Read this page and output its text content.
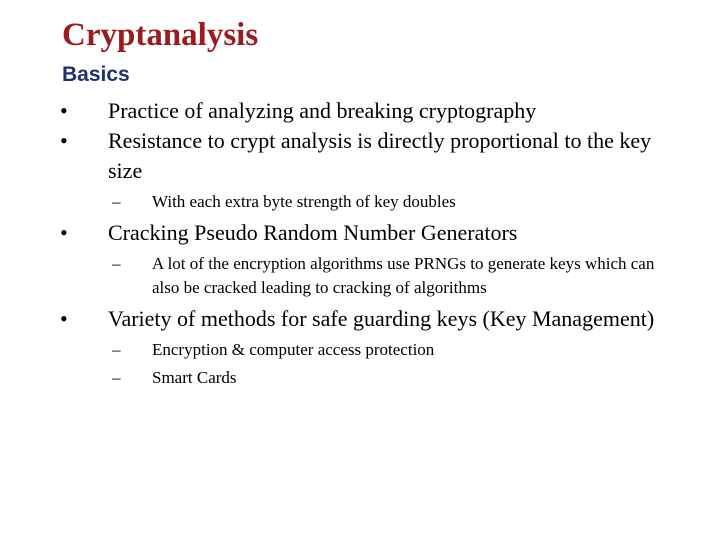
Cryptanalysis
Basics
•	Practice of analyzing and breaking cryptography
•	Resistance to crypt analysis is directly proportional to the key size
–	With each extra byte strength of key doubles
•	Cracking Pseudo Random Number Generators
–	A lot of the encryption algorithms use PRNGs to generate keys which can also be cracked leading to cracking of algorithms
•	Variety of methods for safe guarding keys (Key Management)
–	Encryption & computer access protection
–	Smart Cards
